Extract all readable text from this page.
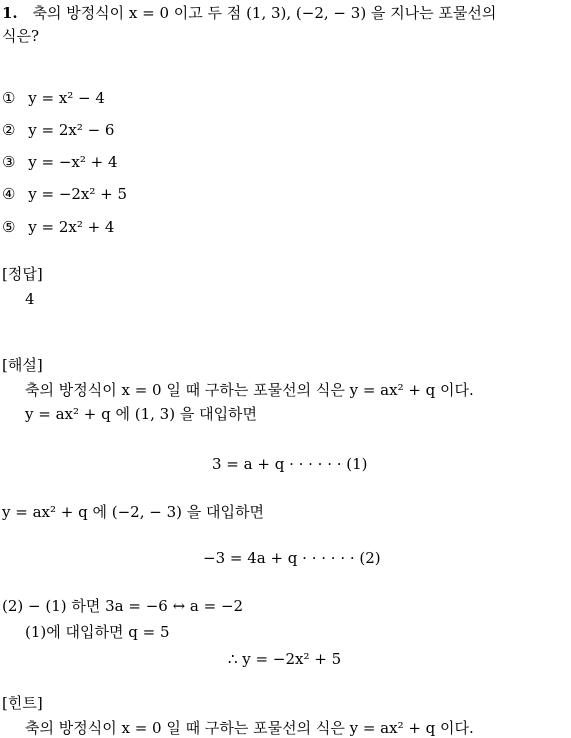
1. 축의 방정식이 x = 0 이고 두 점 (1, 3), (−2, − 3) 을 지나는 포물선의
식은?
① y = x² − 4
② y = 2x² − 6
③ y = −x² + 4
④ y = −2x² + 5
⑤ y = 2x² + 4
[정답]
4
[해설]
축의 방정식이 x = 0 일 때 구하는 포물선의 식은 y = ax² + q 이다.
y = ax² + q 에 (1, 3) 을 대입하면
3 = a + q · · · · · · (1)
y = ax² + q 에 (−2, − 3) 을 대입하면
−3 = 4a + q · · · · · · (2)
(2) − (1) 하면 3a = −6 ↔ a = −2
(1)에 대입하면 q = 5
∴ y = −2x² + 5
[힌트]
축의 방정식이 x = 0 일 때 구하는 포물선의 식은 y = ax² + q 이다.
